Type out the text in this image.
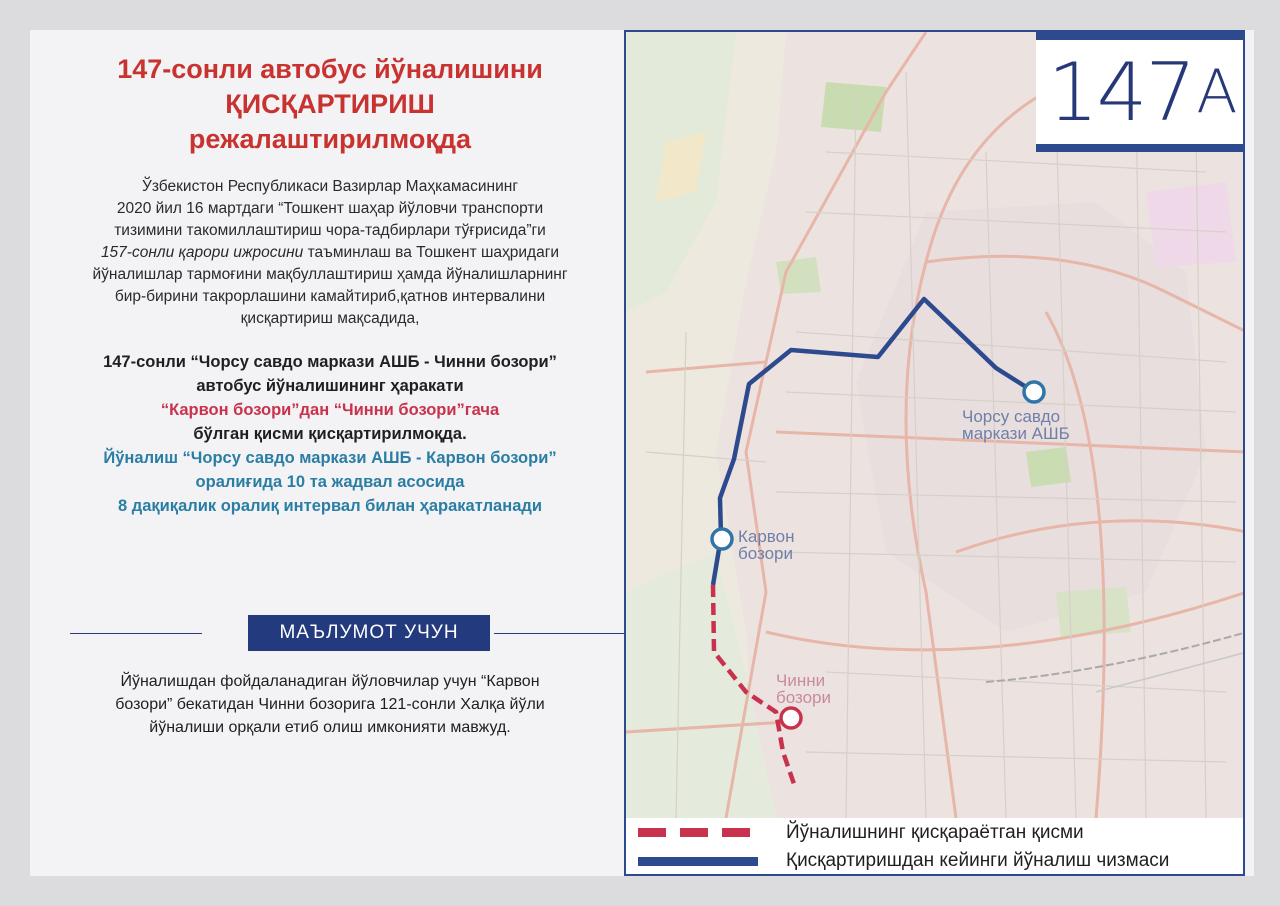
147-сонли автобус йўналишини
ҚИСҚАРТИРИШ
режалаштирилмоқда
Ўзбекистон Республикаси Вазирлар Маҳкамасининг
2020 йил 16 мартдаги “Тошкент шаҳар йўловчи транспорти
тизимини такомиллаштириш чора-тадбирлари тўғрисида”ги
157-сонли қарори ижросини таъминлаш ва Тошкент шаҳридаги
йўналишлар тармоғини мақбуллаштириш ҳамда йўналишларнинг
бир-бирини такрорлашини камайтириб,қатнов интервалини
қисқартириш мақсадида,
147-сонли “Чорсу савдо маркази АШБ - Чинни бозори”
автобус йўналишининг ҳаракати
“Карвон бозори”дан “Чинни бозори”гача
бўлган қисми қисқартирилмоқда.
Йўналиш “Чорсу савдо маркази АШБ - Карвон бозори”
оралиғида 10 та жадвал асосида
8 дақиқалик оралиқ интервал билан ҳаракатланади
МАЪЛУМОТ УЧУН
Йўналишдан фойдаланадиган йўловчилар учун “Карвон
бозори” бекатидан Чинни бозорига 121-сонли Халқа йўли
йўналиши орқали етиб олиш имконияти мавжуд.
147 А
Чорсу савдо
маркази АШБ
Карвон
бозори
Чинни
бозори
Йўналишнинг қисқараётган қисми
Қисқартиришдан кейинги йўналиш чизмаси
